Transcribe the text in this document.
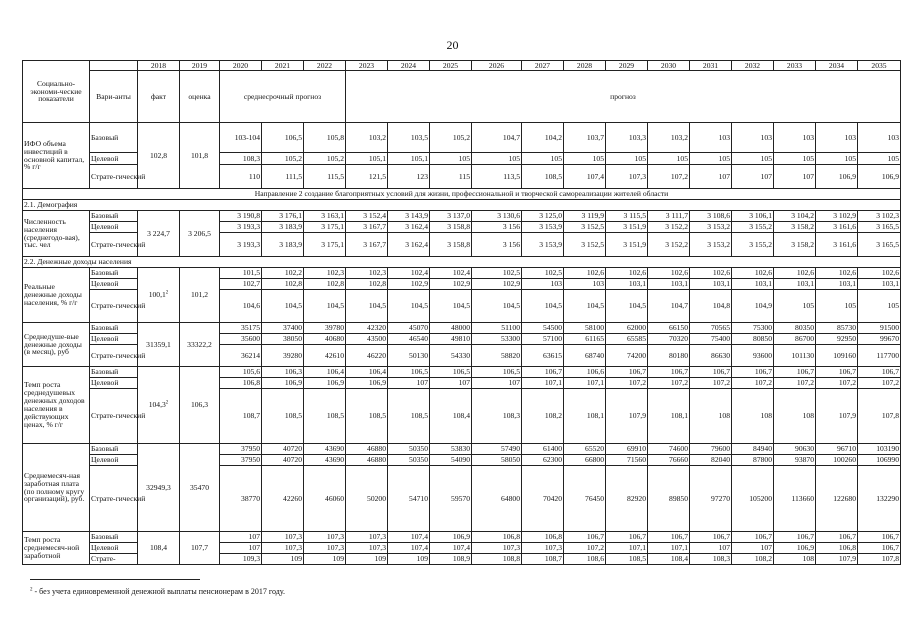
20
Социально-экономи-ческие показатели		2018	2019	2020	2021	2022	2023	2024	2025	2026	2027	2028	2029	2030	2031	2032	2033	2034	2035
	Вари-анты	факт	оценка	среднесрочный прогноз			прогноз												

ИФО объема инвестиций в основной капитал, % г/г	Базовый	102,8	101,8	103-104	106,5	105,8	103,2	103,5	105,2	104,7	104,2	103,7	103,3	103,2	103	103	103	103	103
	Целевой			108,3	105,2	105,2	105,1	105,1	105	105	105	105	105	105	105	105	105	105	105
	Страте-гический			110	111,5	115,5	121,5	123	115	113,5	108,5	107,4	107,3	107,2	107	107	107	106,9	106,9
Направление 2 создание благоприятных условий для жизни, профессиональной и творческой самореализации жителей области																			
2.1. Демография																			
Численность населения (среднегодо-вая), тыс. чел	Базовый	3 224,7	3 206,5	3 190,8	3 176,1	3 163,1	3 152,4	3 143,9	3 137,0	3 130,6	3 125,0	3 119,9	3 115,5	3 111,7	3 108,6	3 106,1	3 104,2	3 102,9	3 102,3
	Целевой			3 193,3	3 183,9	3 175,1	3 167,7	3 162,4	3 158,8	3 156	3 153,9	3 152,5	3 151,9	3 152,2	3 153,2	3 155,2	3 158,2	3 161,6	3 165,5
	Страте-гический			3 193,3	3 183,9	3 175,1	3 167,7	3 162,4	3 158,8	3 156	3 153,9	3 152,5	3 151,9	3 152,2	3 153,2	3 155,2	3 158,2	3 161,6	3 165,5
2.2. Денежные доходы населения																			
Реальные денежные доходы населения, % г/г	Базовый	100,1$^2$	101,2	101,5	102,2	102,3	102,3	102,4	102,4	102,5	102,5	102,6	102,6	102,6	102,6	102,6	102,6	102,6	102,6
	Целевой			102,7	102,8	102,8	102,8	102,9	102,9	102,9	103	103	103,1	103,1	103,1	103,1	103,1	103,1	103,1
	Страте-гический			104,6	104,5	104,5	104,5	104,5	104,5	104,5	104,5	104,5	104,5	104,7	104,8	104,9	105	105	105
Среднедуше-вые денежные доходы (в месяц), руб	Базовый	31359,1	33322,2	35175	37400	39780	42320	45070	48000	51100	54500	58100	62000	66150	70565	75300	80350	85730	91500
	Целевой			35600	38050	40680	43500	46540	49810	53300	57100	61165	65585	70320	75400	80850	86700	92950	99670
	Страте-гический			36214	39280	42610	46220	50130	54330	58820	63615	68740	74200	80180	86630	93600	101130	109160	117700
Темп роста среднедушевых денежных доходов населения в действующих ценах, % г/г	Базовый	104,3$^2$	106,3	105,6	106,3	106,4	106,4	106,5	106,5	106,5	106,7	106,6	106,7	106,7	106,7	106,7	106,7	106,7	106,7
	Целевой			106,8	106,9	106,9	106,9	107	107	107	107,1	107,1	107,2	107,2	107,2	107,2	107,2	107,2	107,2
	Страте-гический			108,7	108,5	108,5	108,5	108,5	108,4	108,3	108,2	108,1	107,9	108,1	108	108	108	107,9	107,8
Среднемесяч-ная заработная плата (по полному кругу организаций), руб.	Базовый	32949,3	35470	37950	40720	43690	46880	50350	53830	57490	61400	65520	69910	74600	79600	84940	90630	96710	103190
	Целевой			37950	40720	43690	46880	50350	54090	58050	62300	66800	71560	76660	82040	87800	93870	100260	106990
	Страте-гический			38770	42260	46060	50200	54710	59570	64800	70420	76450	82920	89850	97270	105200	113660	122680	132290
Темп роста среднемесяч-ной заработной	Базовый	108,4	107,7	107	107,3	107,3	107,3	107,4	106,9	106,8	106,8	106,7	106,7	106,7	106,7	106,7	106,7	106,7	106,7
	Целевой			107	107,3	107,3	107,3	107,4	107,4	107,3	107,3	107,2	107,1	107,1	107	107	106,9	106,8	106,7
	Страте-			109,3	109	109	109	109	108,9	108,8	108,7	108,6	108,5	108,4	108,3	108,2	108	107,9	107,8
$^2$ - без учета единовременной денежной выплаты пенсионерам в 2017 году.
